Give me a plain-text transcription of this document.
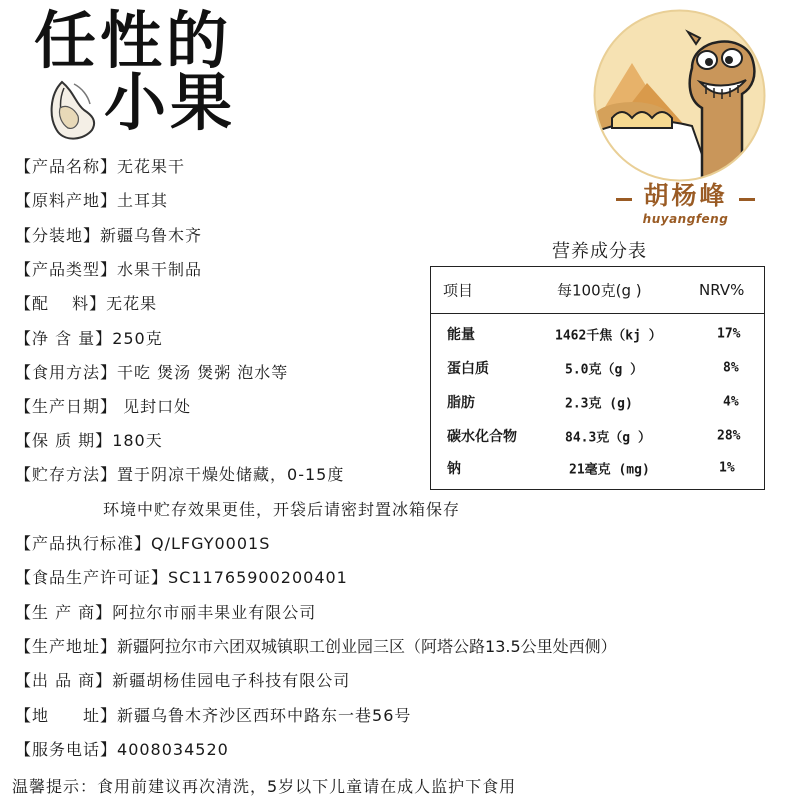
任性的
小果
胡杨峰
huyangfeng
【产品名称】无花果干
【原料产地】土耳其
【分装地】新疆乌鲁木齐
【产品类型】水果干制品
【配　 料】无花果
【净 含 量】250克
【食用方法】干吃 煲汤 煲粥 泡水等
【生产日期】 见封口处
【保 质 期】180天
【贮存方法】置于阴凉干燥处储藏，0-15度
环境中贮存效果更佳，开袋后请密封置冰箱保存
【产品执行标准】Q/LFGY0001S
【食品生产许可证】SC11765900200401
【生 产 商】阿拉尔市丽丰果业有限公司
【生产地址】新疆阿拉尔市六团双城镇职工创业园三区（阿塔公路13.5公里处西侧）
【出 品 商】新疆胡杨佳园电子科技有限公司
【地　　址】新疆乌鲁木齐沙区西环中路东一巷56号
【服务电话】4008034520
营养成分表
项目	每100克(g )	NRV%
能量	1462千焦（kj ）	17%
蛋白质	5.0克（g ）	8%
脂肪	2.3克 (g)	4%
碳水化合物	84.3克（g ）	28%
钠	21毫克 (mg)	1%
温馨提示：食用前建议再次清洗，5岁以下儿童请在成人监护下食用
